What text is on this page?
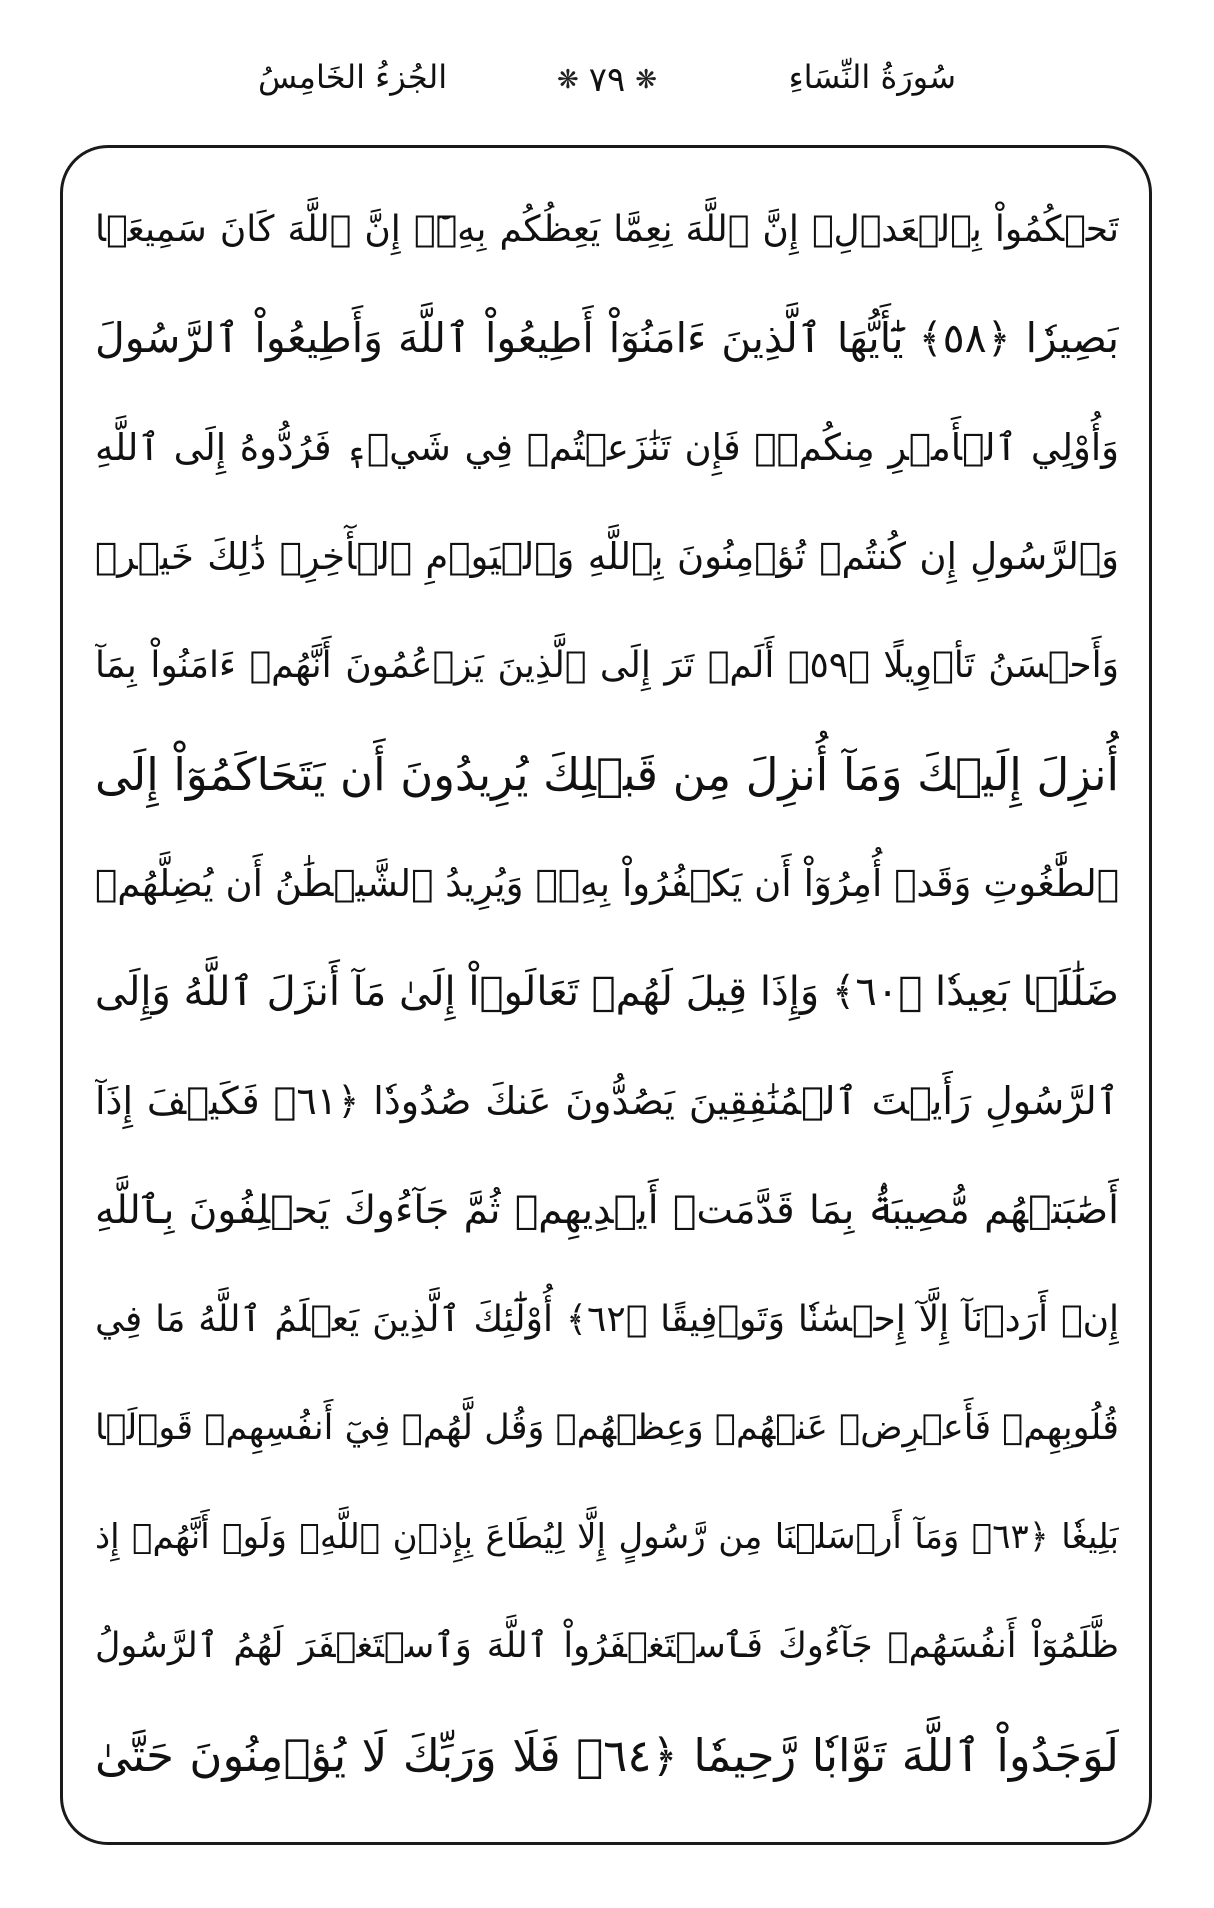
سُورَةُ النِّسَاءِ
❋
٧٩
❋
الجُزءُ الخَامِسُ
تَحۡكُمُواْ بِٱلۡعَدۡلِۚ إِنَّ ٱللَّهَ نِعِمَّا يَعِظُكُم بِهِۦٓۗ إِنَّ ٱللَّهَ كَانَ سَمِيعَۢا
بَصِيرٗا ﴿٥٨﴾ يَٰٓأَيُّهَا ٱلَّذِينَ ءَامَنُوٓاْ أَطِيعُواْ ٱللَّهَ وَأَطِيعُواْ ٱلرَّسُولَ
وَأُوْلِي ٱلۡأَمۡرِ مِنكُمۡۖ فَإِن تَنَٰزَعۡتُمۡ فِي شَيۡءٖ فَرُدُّوهُ إِلَى ٱللَّهِ
وَٱلرَّسُولِ إِن كُنتُمۡ تُؤۡمِنُونَ بِٱللَّهِ وَٱلۡيَوۡمِ ٱلۡأٓخِرِۚ ذَٰلِكَ خَيۡرٞ
وَأَحۡسَنُ تَأۡوِيلًا ﴿٥٩﴾ أَلَمۡ تَرَ إِلَى ٱلَّذِينَ يَزۡعُمُونَ أَنَّهُمۡ ءَامَنُواْ بِمَآ
أُنزِلَ إِلَيۡكَ وَمَآ أُنزِلَ مِن قَبۡلِكَ يُرِيدُونَ أَن يَتَحَاكَمُوٓاْ إِلَى
ٱلطَّٰغُوتِ وَقَدۡ أُمِرُوٓاْ أَن يَكۡفُرُواْ بِهِۦۖ وَيُرِيدُ ٱلشَّيۡطَٰنُ أَن يُضِلَّهُمۡ
ضَلَٰلَۢا بَعِيدٗا ﴿٦٠﴾ وَإِذَا قِيلَ لَهُمۡ تَعَالَوۡاْ إِلَىٰ مَآ أَنزَلَ ٱللَّهُ وَإِلَى
ٱلرَّسُولِ رَأَيۡتَ ٱلۡمُنَٰفِقِينَ يَصُدُّونَ عَنكَ صُدُودٗا ﴿٦١﴾ فَكَيۡفَ إِذَآ
أَصَٰبَتۡهُم مُّصِيبَةُۢ بِمَا قَدَّمَتۡ أَيۡدِيهِمۡ ثُمَّ جَآءُوكَ يَحۡلِفُونَ بِٱللَّهِ
إِنۡ أَرَدۡنَآ إِلَّآ إِحۡسَٰنٗا وَتَوۡفِيقًا ﴿٦٢﴾ أُوْلَٰٓئِكَ ٱلَّذِينَ يَعۡلَمُ ٱللَّهُ مَا فِي
قُلُوبِهِمۡ فَأَعۡرِضۡ عَنۡهُمۡ وَعِظۡهُمۡ وَقُل لَّهُمۡ فِيٓ أَنفُسِهِمۡ قَوۡلَۢا
بَلِيغٗا ﴿٦٣﴾ وَمَآ أَرۡسَلۡنَا مِن رَّسُولٍ إِلَّا لِيُطَاعَ بِإِذۡنِ ٱللَّهِۚ وَلَوۡ أَنَّهُمۡ إِذ
ظَّلَمُوٓاْ أَنفُسَهُمۡ جَآءُوكَ فَٱسۡتَغۡفَرُواْ ٱللَّهَ وَٱسۡتَغۡفَرَ لَهُمُ ٱلرَّسُولُ
لَوَجَدُواْ ٱللَّهَ تَوَّابٗا رَّحِيمٗا ﴿٦٤﴾ فَلَا وَرَبِّكَ لَا يُؤۡمِنُونَ حَتَّىٰ
